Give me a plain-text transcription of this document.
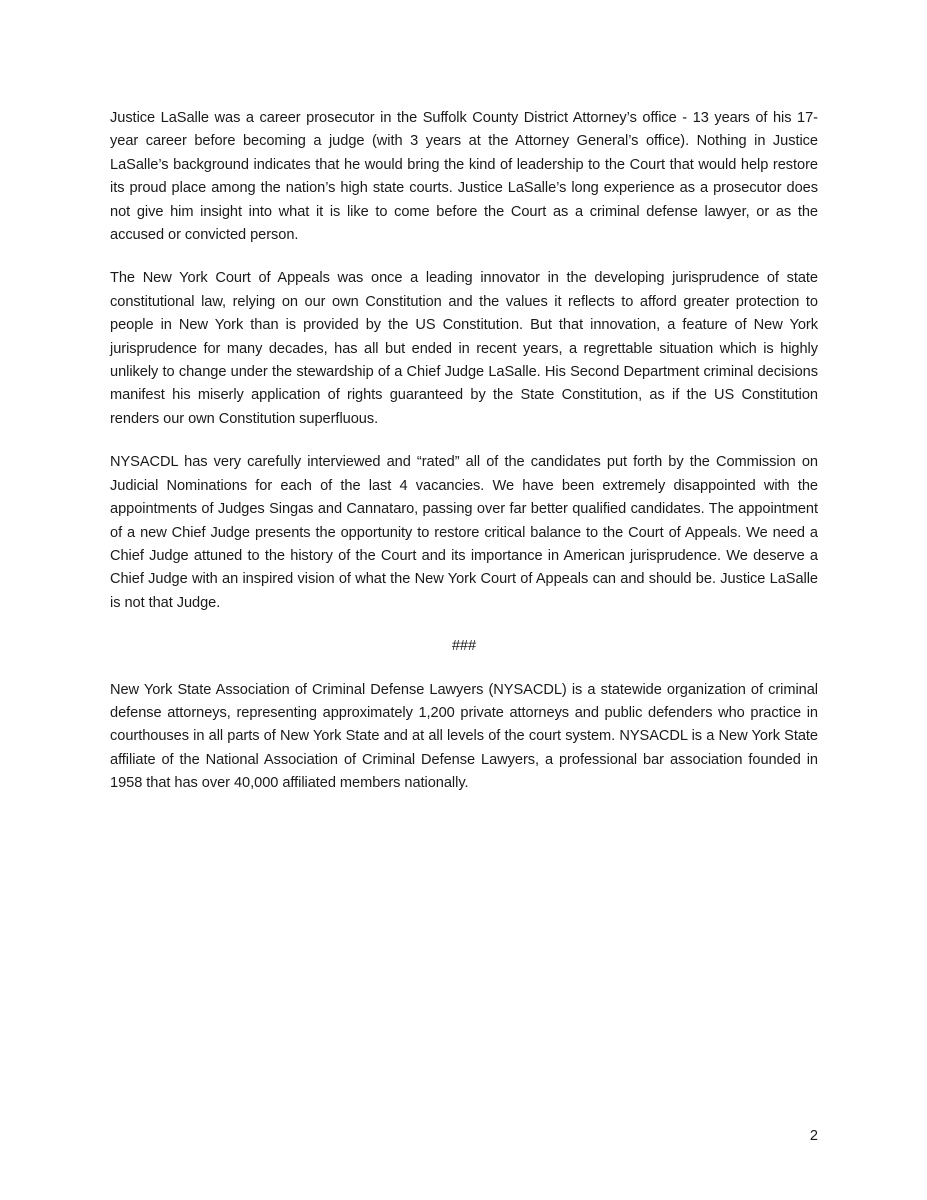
Justice LaSalle was a career prosecutor in the Suffolk County District Attorney’s office - 13 years of his 17-year career before becoming a judge (with 3 years at the Attorney General’s office). Nothing in Justice LaSalle’s background indicates that he would bring the kind of leadership to the Court that would help restore its proud place among the nation’s high state courts. Justice LaSalle’s long experience as a prosecutor does not give him insight into what it is like to come before the Court as a criminal defense lawyer, or as the accused or convicted person.

The New York Court of Appeals was once a leading innovator in the developing jurisprudence of state constitutional law, relying on our own Constitution and the values it reflects to afford greater protection to people in New York than is provided by the US Constitution. But that innovation, a feature of New York jurisprudence for many decades, has all but ended in recent years, a regrettable situation which is highly unlikely to change under the stewardship of a Chief Judge LaSalle. His Second Department criminal decisions manifest his miserly application of rights guaranteed by the State Constitution, as if the US Constitution renders our own Constitution superfluous.

NYSACDL has very carefully interviewed and “rated” all of the candidates put forth by the Commission on Judicial Nominations for each of the last 4 vacancies. We have been extremely disappointed with the appointments of Judges Singas and Cannataro, passing over far better qualified candidates. The appointment of a new Chief Judge presents the opportunity to restore critical balance to the Court of Appeals. We need a Chief Judge attuned to the history of the Court and its importance in American jurisprudence. We deserve a Chief Judge with an inspired vision of what the New York Court of Appeals can and should be. Justice LaSalle is not that Judge.

###

New York State Association of Criminal Defense Lawyers (NYSACDL) is a statewide organization of criminal defense attorneys, representing approximately 1,200 private attorneys and public defenders who practice in courthouses in all parts of New York State and at all levels of the court system. NYSACDL is a New York State affiliate of the National Association of Criminal Defense Lawyers, a professional bar association founded in 1958 that has over 40,000 affiliated members nationally.

2
